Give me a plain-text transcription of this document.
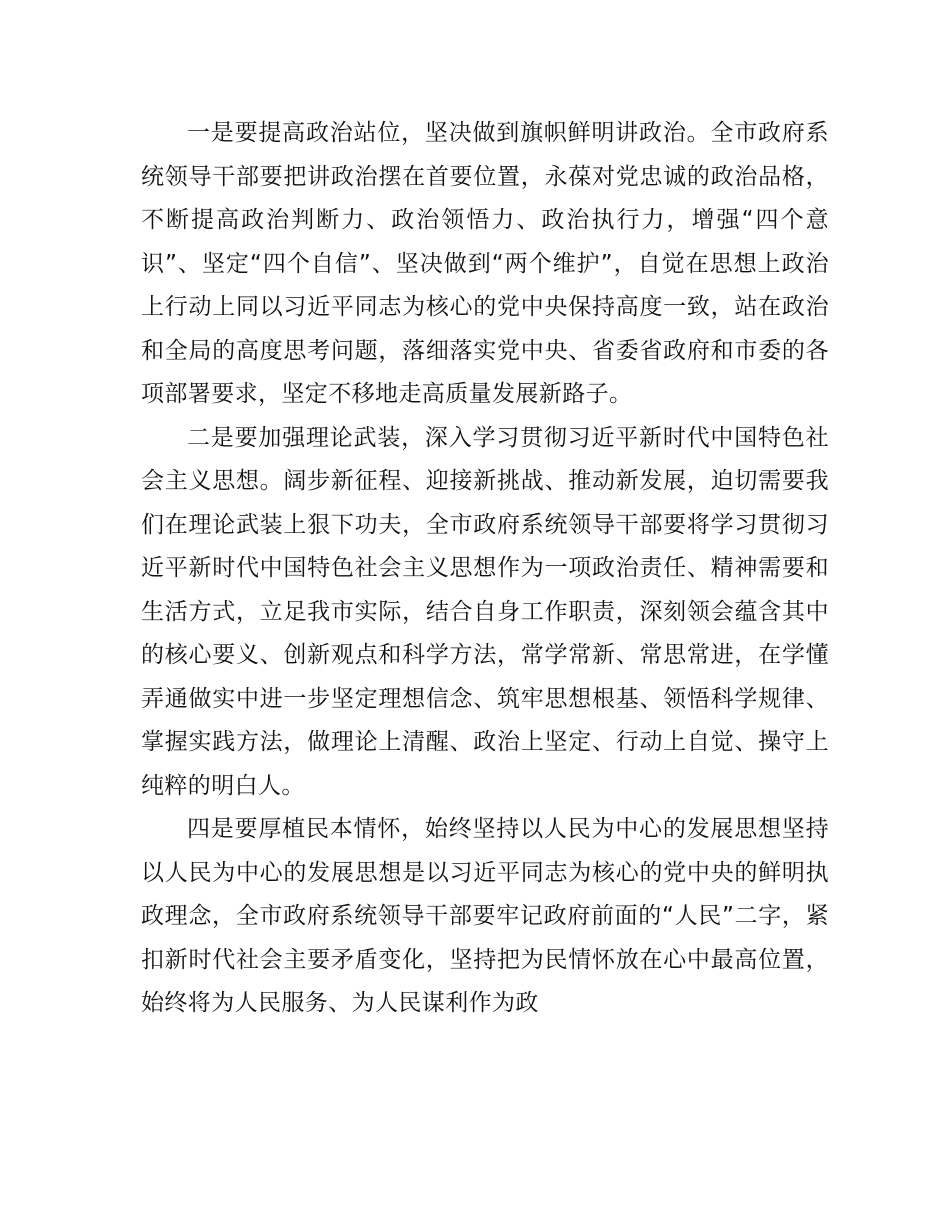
一是要提高政治站位，坚决做到旗帜鲜明讲政治。全市政府系统领导干部要把讲政治摆在首要位置，永葆对党忠诚的政治品格，不断提高政治判断力、政治领悟力、政治执行力，增强“四个意识”、坚定“四个自信”、坚决做到“两个维护”，自觉在思想上政治上行动上同以习近平同志为核心的党中央保持高度一致，站在政治和全局的高度思考问题，落细落实党中央、省委省政府和市委的各项部署要求，坚定不移地走高质量发展新路子。

二是要加强理论武装，深入学习贯彻习近平新时代中国特色社会主义思想。阔步新征程、迎接新挑战、推动新发展，迫切需要我们在理论武装上狠下功夫，全市政府系统领导干部要将学习贯彻习近平新时代中国特色社会主义思想作为一项政治责任、精神需要和生活方式，立足我市实际，结合自身工作职责，深刻领会蕴含其中的核心要义、创新观点和科学方法，常学常新、常思常进，在学懂弄通做实中进一步坚定理想信念、筑牢思想根基、领悟科学规律、掌握实践方法，做理论上清醒、政治上坚定、行动上自觉、操守上纯粹的明白人。

四是要厚植民本情怀，始终坚持以人民为中心的发展思想坚持以人民为中心的发展思想是以习近平同志为核心的党中央的鲜明执政理念，全市政府系统领导干部要牢记政府前面的“人民”二字，紧扣新时代社会主要矛盾变化，坚持把为民情怀放在心中最高位置，始终将为人民服务、为人民谋利作为政
